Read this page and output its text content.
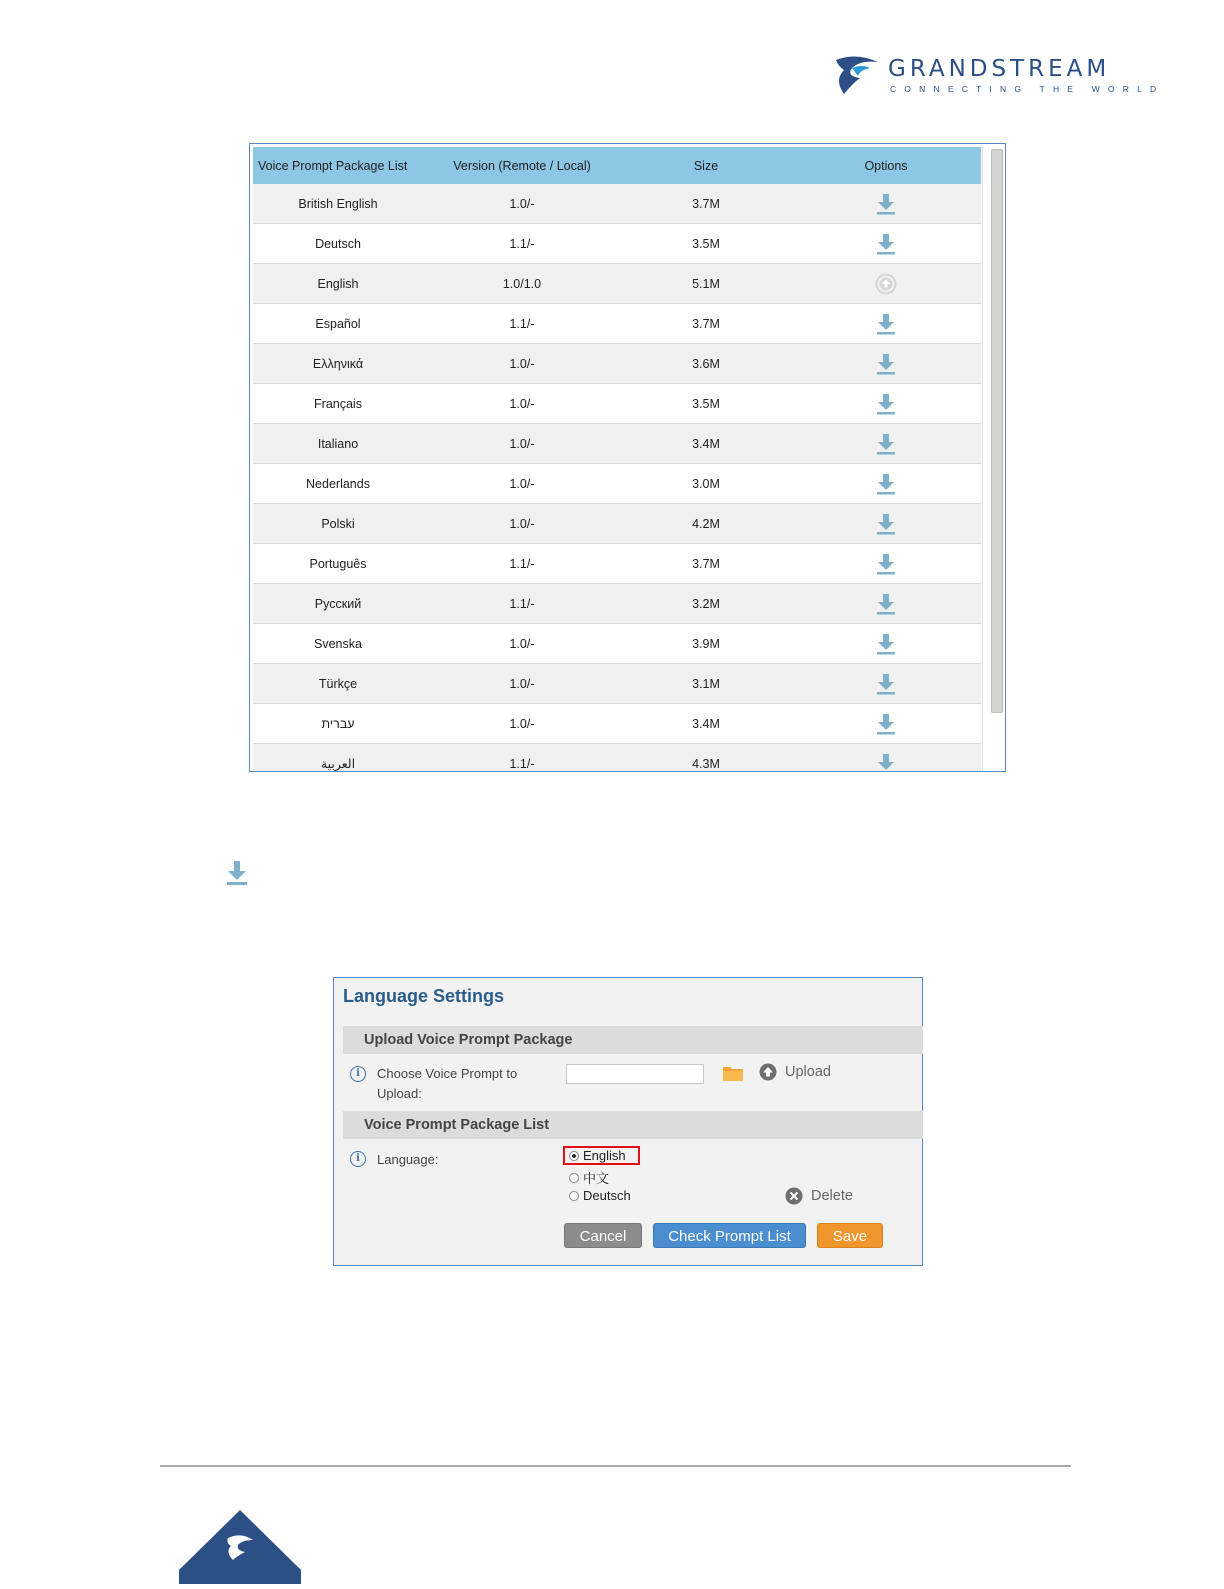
GRANDSTREAM
CONNECTING THE WORLD
Voice Prompt Package List	Version (Remote / Local)	Size	Options
British English	1.0/-	3.7M
Deutsch	1.1/-	3.5M
English	1.0/1.0	5.1M
Español	1.1/-	3.7M
Ελληνικά	1.0/-	3.6M
Français	1.0/-	3.5M
Italiano	1.0/-	3.4M
Nederlands	1.0/-	3.0M
Polski	1.0/-	4.2M
Português	1.1/-	3.7M
Pусский	1.1/-	3.2M
Svenska	1.0/-	3.9M
Türkçe	1.0/-	3.1M
עברית	1.0/-	3.4M
العربية	1.1/-	4.3M
Language Settings
Upload Voice Prompt Package
i	Choose Voice Prompt to
Upload:
Upload
Voice Prompt Package List
i	Language:	English
中文
Deutsch	Delete
Cancel	Check Prompt List	Save
